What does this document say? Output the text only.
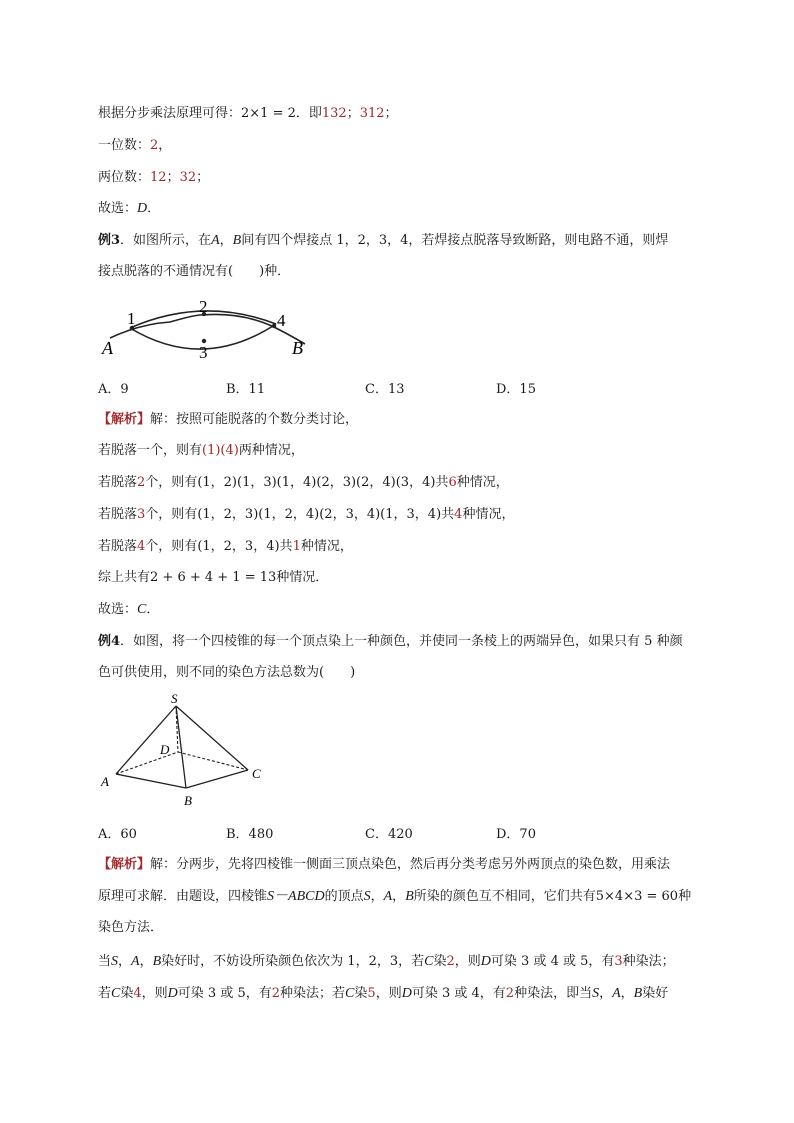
根据分步乘法原理可得：2×1 = 2．即132；312；
一位数：2，
两位数：12；32；
故选：D．
例3．如图所示，在A，B间有四个焊接点 1，2，3，4，若焊接点脱落导致断路，则电路不通，则焊
接点脱落的不通情况有(　　)种．
1
2
3
4
A	B
A．9	B．11	C．13	D．15
【解析】解：按照可能脱落的个数分类讨论，
若脱落一个，则有(1)(4)两种情况，
若脱落2个，则有(1，2)(1，3)(1，4)(2，3)(2，4)(3，4)共6种情况，
若脱落3个，则有(1，2，3)(1，2，4)(2，3，4)(1，3，4)共4种情况，
若脱落4个，则有(1，2，3，4)共1种情况，
综上共有2 + 6 + 4 + 1 = 13种情况．
故选：C．
例4．如图，将一个四棱锥的每一个顶点染上一种颜色，并使同一条棱上的两端异色，如果只有 5 种颜
色可供使用，则不同的染色方法总数为(　　)
S
D
A
B
C
A．60	B．480	C．420	D．70
【解析】解：分两步，先将四棱锥一侧面三顶点染色，然后再分类考虑另外两顶点的染色数，用乘法
原理可求解．由题设，四棱锥S－ABCD的顶点S，A，B所染的颜色互不相同，它们共有5×4×3 = 60种
染色方法．
当S，A，B染好时，不妨设所染颜色依次为 1，2，3，若C染2，则D可染 3 或 4 或 5，有3种染法；
若C染4，则D可染 3 或 5，有2种染法；若C染5，则D可染 3 或 4，有2种染法，即当S，A，B染好
